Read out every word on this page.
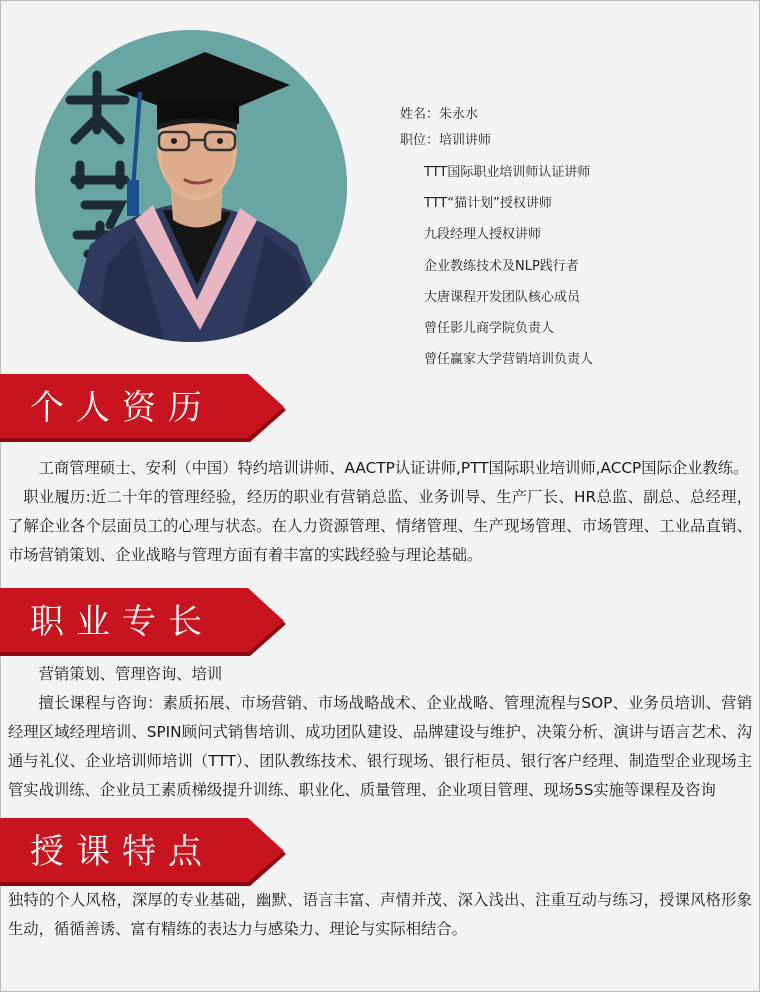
姓名：朱永水
职位：培训讲师
TTT国际职业培训师认证讲师
TTT“猫计划”授权讲师
九段经理人授权讲师
企业教练技术及NLP践行者
大唐课程开发团队核心成员
曾任影儿商学院负责人
曾任赢家大学营销培训负责人
个人资历

工商管理硕士、安利（中国）特约培训讲师、AACTP认证讲师,PTT国际职业培训师,ACCP国际企业教练。

职业履历:近二十年的管理经验，经历的职业有营销总监、业务训导、生产厂长、HR总监、副总、总经理，了解企业各个层面员工的心理与状态。在人力资源管理、情绪管理、生产现场管理、市场管理、工业品直销、市场营销策划、企业战略与管理方面有着丰富的实践经验与理论基础。

职业专长

营销策划、管理咨询、培训

擅长课程与咨询：素质拓展、市场营销、市场战略战术、企业战略、管理流程与SOP、业务员培训、营销经理区域经理培训、SPIN顾问式销售培训、成功团队建设、品牌建设与维护、决策分析、演讲与语言艺术、沟通与礼仪、企业培训师培训（TTT）、团队教练技术、银行现场、银行柜员、银行客户经理、制造型企业现场主管实战训练、企业员工素质梯级提升训练、职业化、质量管理、企业项目管理、现场5S实施等课程及咨询

授课特点

独特的个人风格，深厚的专业基础，幽默、语言丰富、声情并茂、深入浅出、注重互动与练习，授课风格形象生动，循循善诱、富有精练的表达力与感染力、理论与实际相结合。
